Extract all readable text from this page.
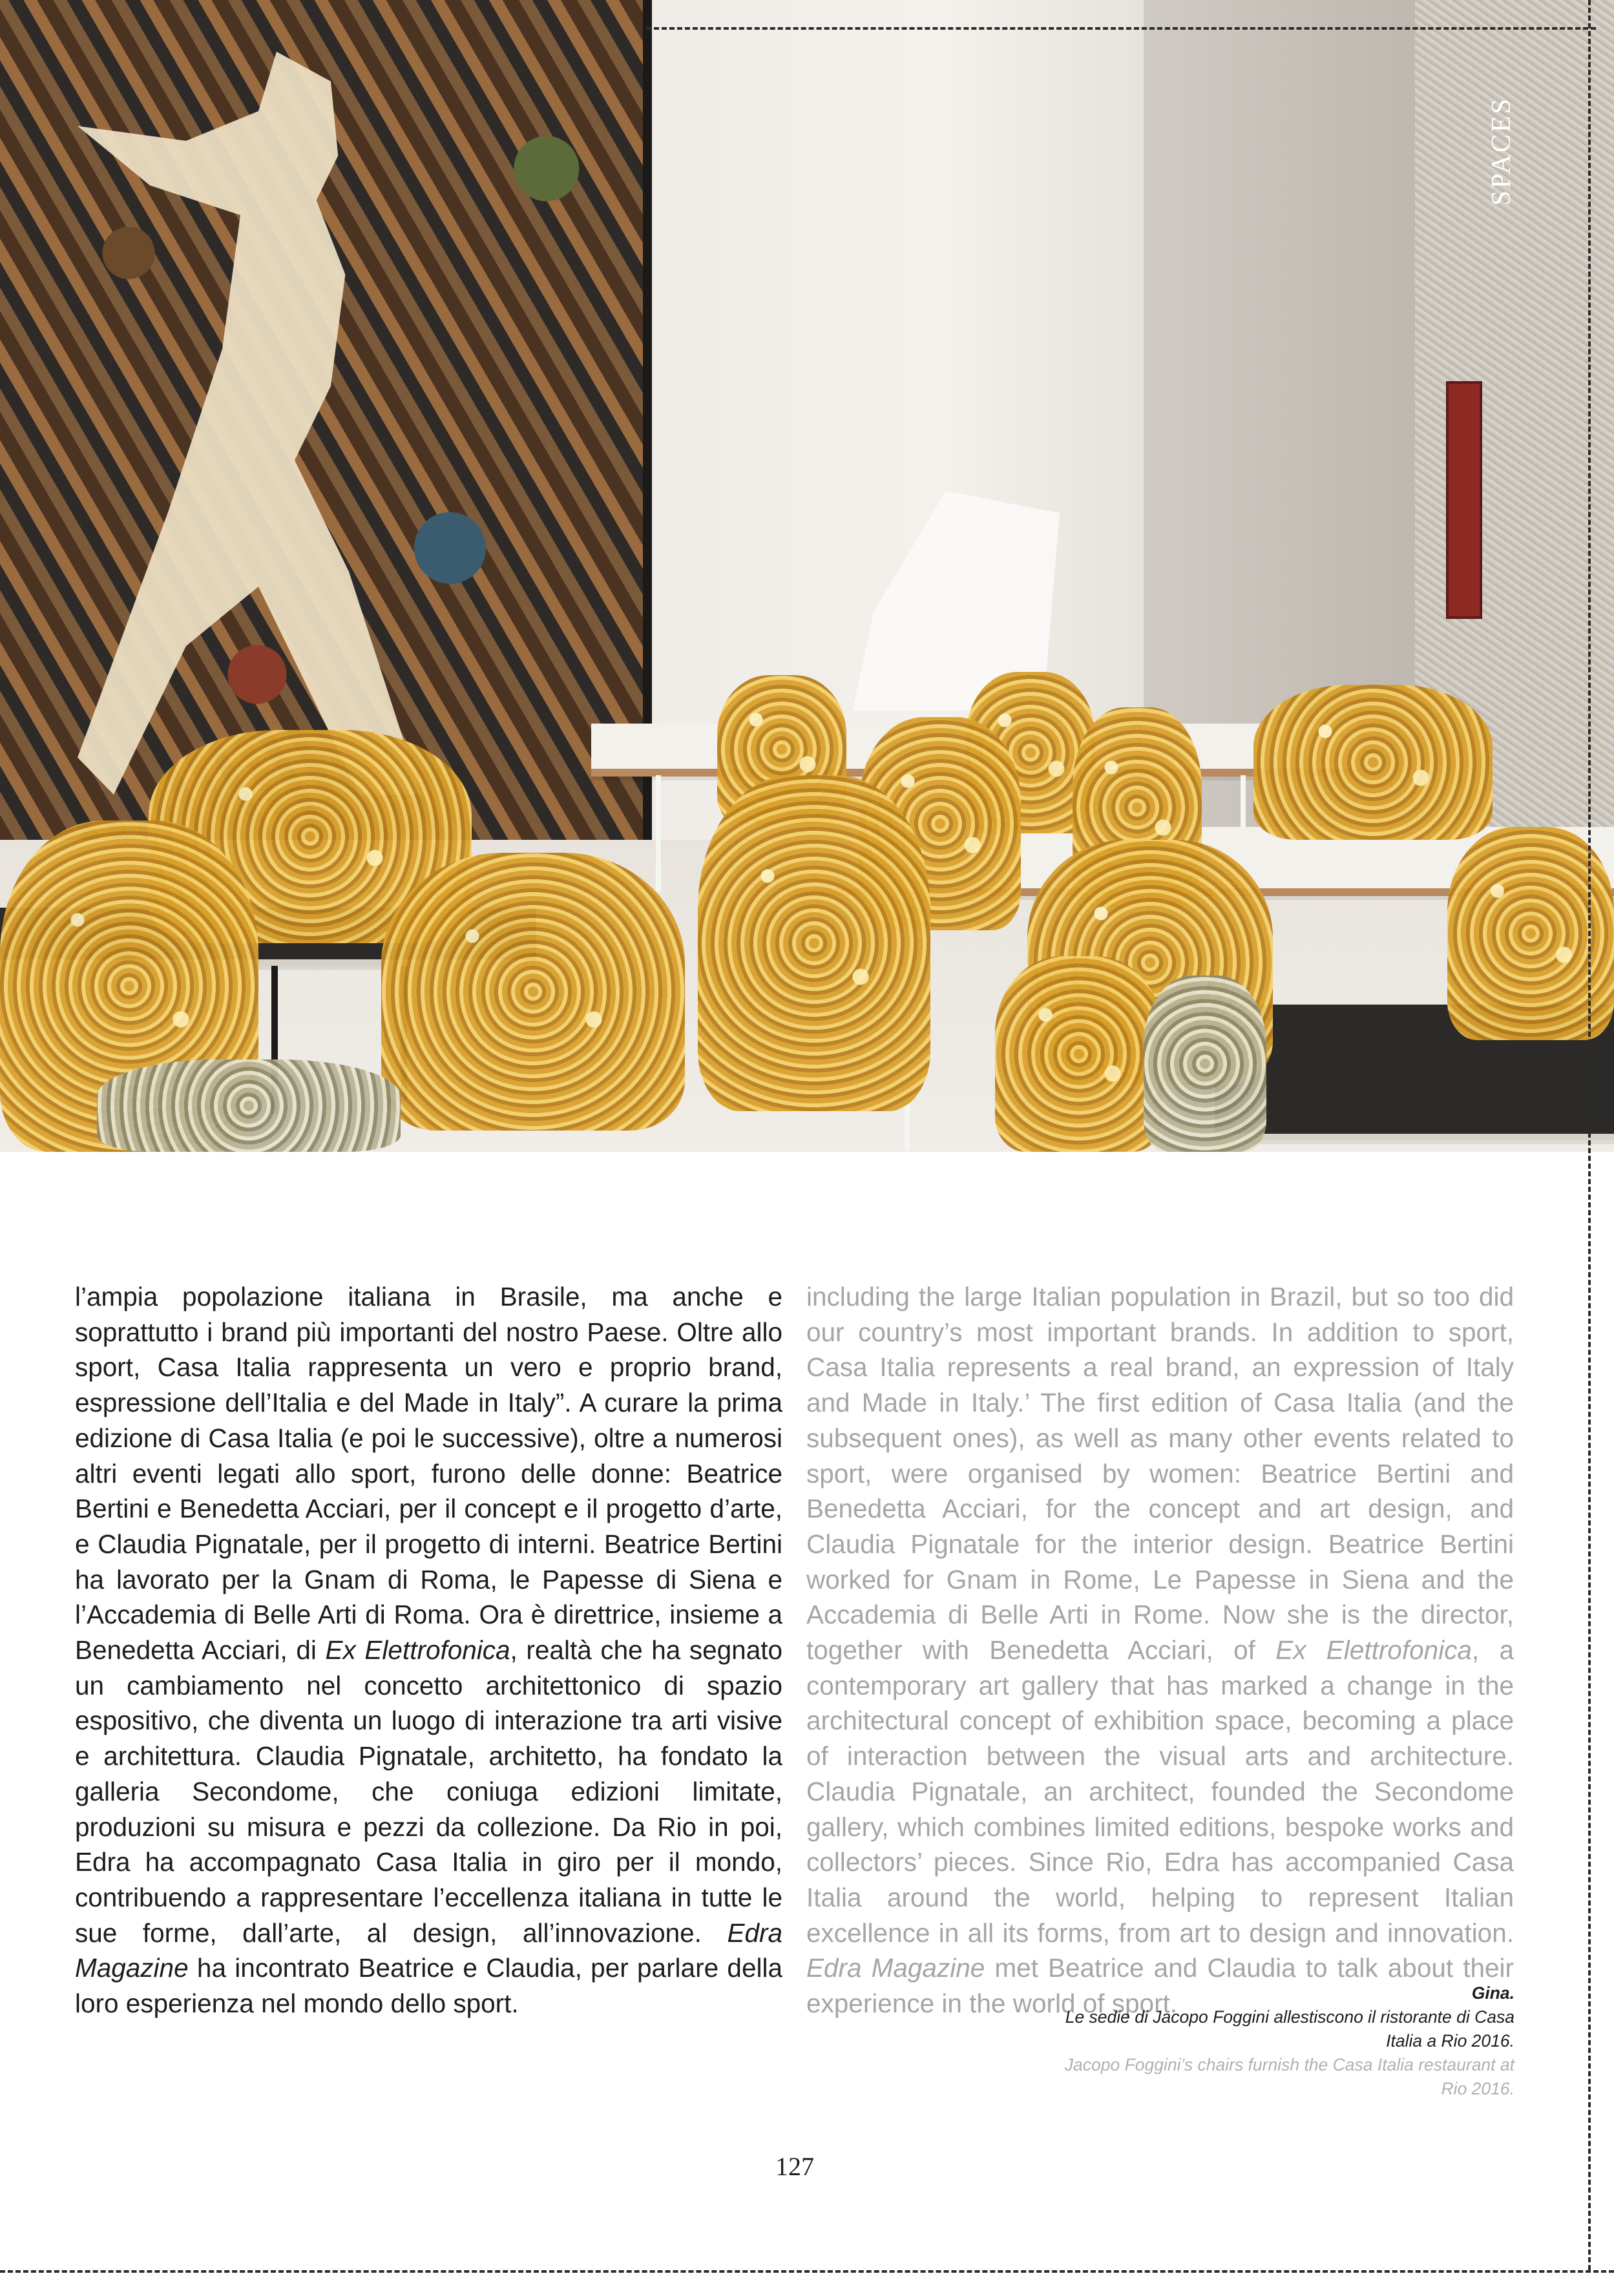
SPACES

l’ampia popolazione italiana in Brasile, ma anche e soprattutto i brand più importanti del nostro Paese. Oltre allo sport, Casa Italia rappresenta un vero e proprio brand, espressione dell’Italia e del Made in Italy”. A curare la prima edizione di Casa Italia (e poi le successive), oltre a numerosi altri eventi legati allo sport, furono delle donne: Beatrice Bertini e Benedetta Acciari, per il concept e il progetto d’arte, e Claudia Pignatale, per il progetto di interni. Beatrice Bertini ha lavorato per la Gnam di Roma, le Papesse di Siena e l’Accademia di Belle Arti di Roma. Ora è direttrice, insieme a Benedetta Acciari, di Ex Elettrofonica, realtà che ha segnato un cambiamento nel concetto architettonico di spazio espositivo, che diventa un luogo di interazione tra arti visive e architettura. Claudia Pignatale, architetto, ha fondato la galleria Secondome, che coniuga edizioni limitate, produzioni su misura e pezzi da collezione. Da Rio in poi, Edra ha accompagnato Casa Italia in giro per il mondo, contribuendo a rappresentare l’eccellenza italiana in tutte le sue forme, dall’arte, al design, all’innovazione. Edra Magazine ha incontrato Beatrice e Claudia, per parlare della loro esperienza nel mondo dello sport.

including the large Italian population in Brazil, but so too did our country’s most important brands. In addition to sport, Casa Italia represents a real brand, an expression of Italy and Made in Italy.’ The first edition of Casa Italia (and the subsequent ones), as well as many other events related to sport, were organised by women: Beatrice Bertini and Benedetta Acciari, for the concept and art design, and Claudia Pignatale for the interior design. Beatrice Bertini worked for Gnam in Rome, Le Papesse in Siena and the Accademia di Belle Arti in Rome. Now she is the director, together with Benedetta Acciari, of Ex Elettrofonica, a contemporary art gallery that has marked a change in the architectural concept of exhibition space, becoming a place of interaction between the visual arts and architecture. Claudia Pignatale, an architect, founded the Secondome gallery, which combines limited editions, bespoke works and collectors’ pieces. Since Rio, Edra has accompanied Casa Italia around the world, helping to represent Italian excellence in all its forms, from art to design and innovation. Edra Magazine met Beatrice and Claudia to talk about their experience in the world of sport.	Gina.
Le sedie di Jacopo Foggini allestiscono il ristorante di Casa Italia a Rio 2016.
Jacopo Foggini’s chairs furnish the Casa Italia restaurant at Rio 2016.
127
